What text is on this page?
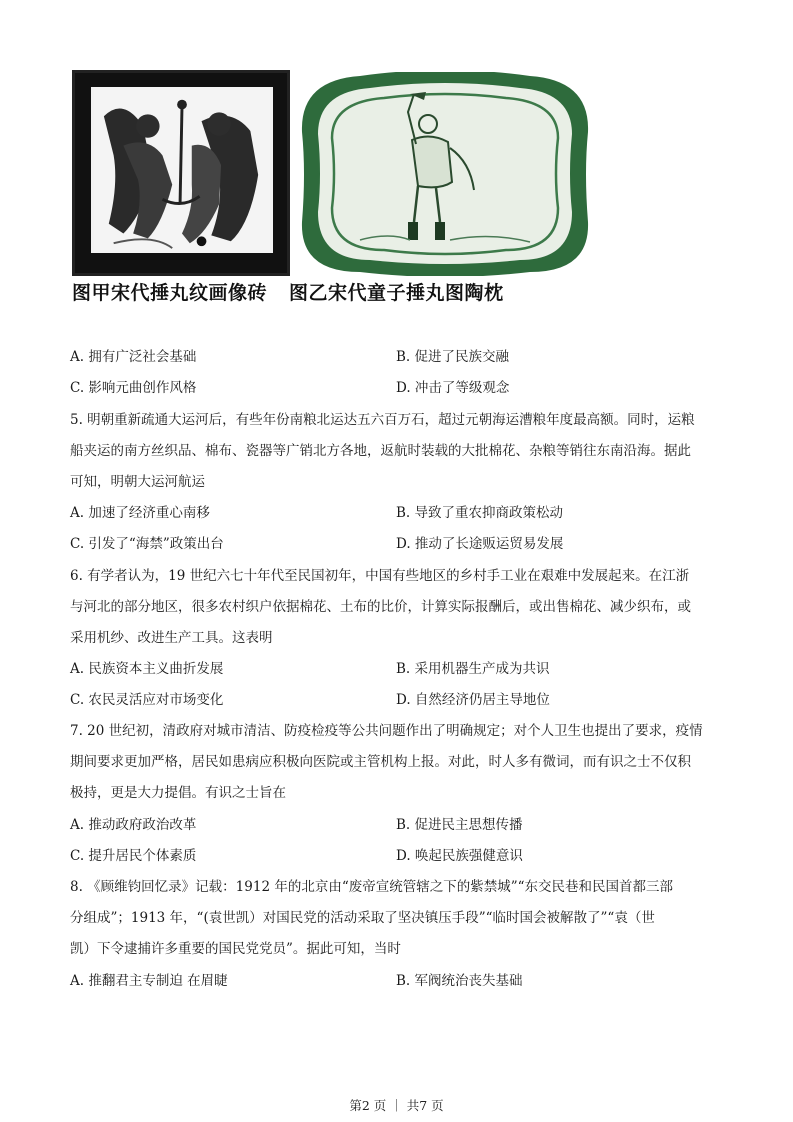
图甲宋代捶丸纹画像砖 图乙宋代童子捶丸图陶枕
A. 拥有广泛社会基础	B. 促进了民族交融
C. 影响元曲创作风格	D. 冲击了等级观念
5. 明朝重新疏通大运河后，有些年份南粮北运达五六百万石，超过元朝海运漕粮年度最高额。同时，运粮
船夹运的南方丝织品、棉布、瓷器等广销北方各地，返航时装载的大批棉花、杂粮等销往东南沿海。据此
可知，明朝大运河航运
A. 加速了经济重心南移	B. 导致了重农抑商政策松动
C. 引发了“海禁”政策出台	D. 推动了长途贩运贸易发展
6. 有学者认为，19 世纪六七十年代至民国初年，中国有些地区的乡村手工业在艰难中发展起来。在江浙
与河北的部分地区，很多农村织户依据棉花、土布的比价，计算实际报酬后，或出售棉花、减少织布，或
采用机纱、改进生产工具。这表明
A. 民族资本主义曲折发展	B. 采用机器生产成为共识
C. 农民灵活应对市场变化	D. 自然经济仍居主导地位
7. 20 世纪初，清政府对城市清洁、防疫检疫等公共问题作出了明确规定；对个人卫生也提出了要求，疫情
期间要求更加严格，居民如患病应积极向医院或主管机构上报。对此，时人多有微词，而有识之士不仅积
极持，更是大力提倡。有识之士旨在
A. 推动政府政治改革	B. 促进民主思想传播
C. 提升居民个体素质	D. 唤起民族强健意识
8. 《顾维钧回忆录》记载：1912 年的北京由“废帝宣统管辖之下的紫禁城”“东交民巷和民国首都三部
分组成”；1913 年，“(袁世凯）对国民党的活动采取了坚决镇压手段”“临时国会被解散了”“袁（世
凯）下令逮捕许多重要的国民党党员”。据此可知，当时
A. 推翻君主专制迫 在眉睫	B. 军阀统治丧失基础
第2 页 ｜ 共7 页
